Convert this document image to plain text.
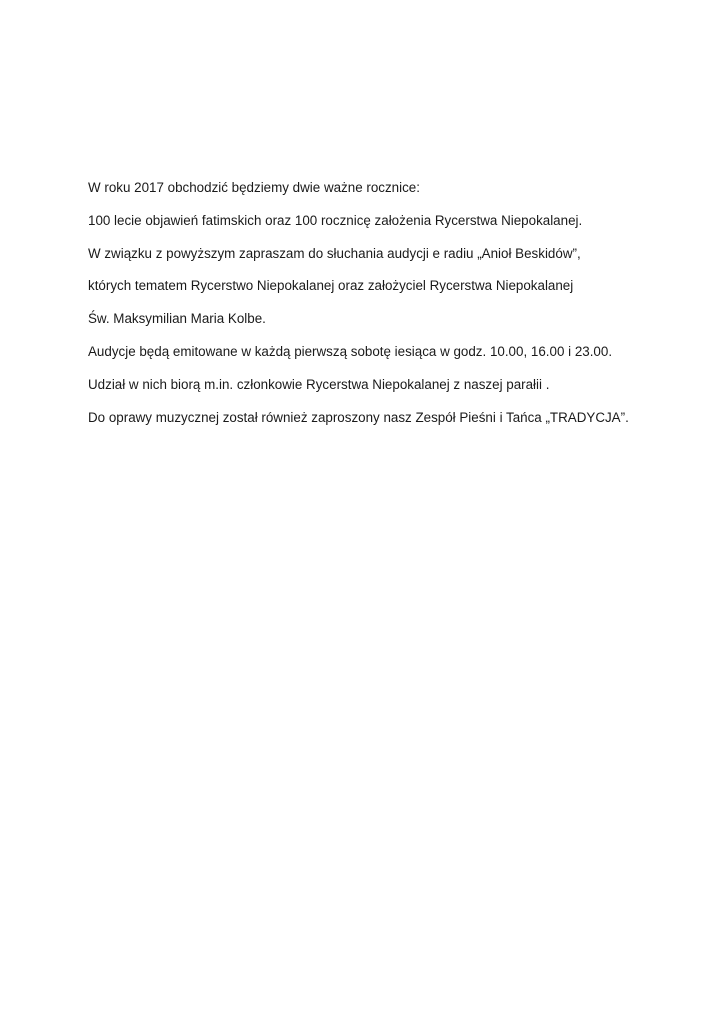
W roku 2017 obchodzić będziemy dwie ważne rocznice:

100 lecie objawień fatimskich oraz 100 rocznicę założenia Rycerstwa Niepokalanej.

W związku z powyższym zapraszam do słuchania audycji e radiu „Anioł Beskidów”,

których tematem Rycerstwo Niepokalanej oraz założyciel Rycerstwa Niepokalanej

Św. Maksymilian Maria Kolbe.

Audycje będą emitowane w każdą pierwszą sobotę iesiąca w godz. 10.00, 16.00 i 23.00.

Udział w nich biorą m.in. członkowie Rycerstwa Niepokalanej z naszej parałii .

Do oprawy muzycznej został również zaproszony nasz Zespół Pieśni i Tańca „TRADYCJA”.
